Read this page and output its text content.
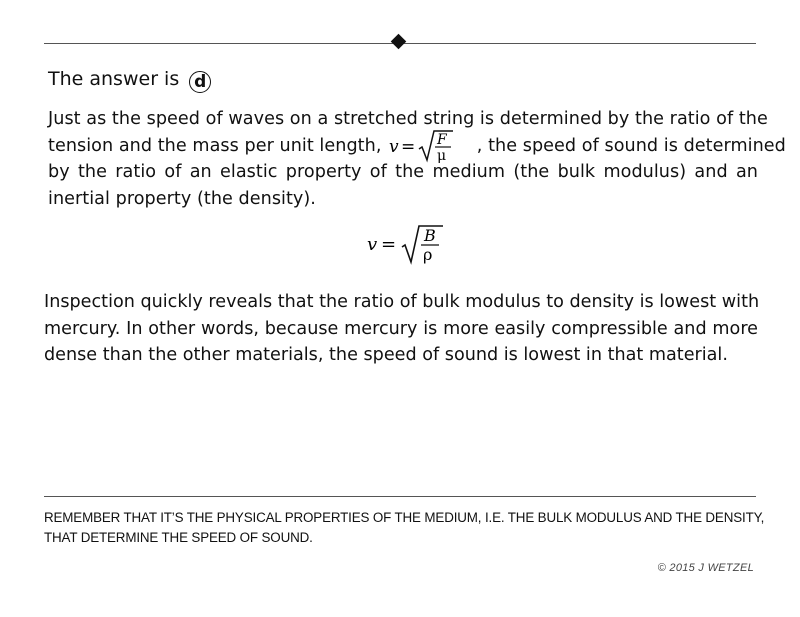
The answer is d
Just as the speed of waves on a stretched string is determined by the ratio of the
tension and the mass per unit length, v = F
μ , the speed of sound is determined
by the ratio of an elastic property of the medium (the bulk modulus) and an
inertial property (the density).
v = B
ρ
Inspection quickly reveals that the ratio of bulk modulus to density is lowest with
mercury. In other words, because mercury is more easily compressible and more
dense than the other materials, the speed of sound is lowest in that material.
REMEMBER THAT IT’S THE PHYSICAL PROPERTIES OF THE MEDIUM, I.E. THE BULK MODULUS AND THE DENSITY,
THAT DETERMINE THE SPEED OF SOUND.
© 2015 J WETZEL
